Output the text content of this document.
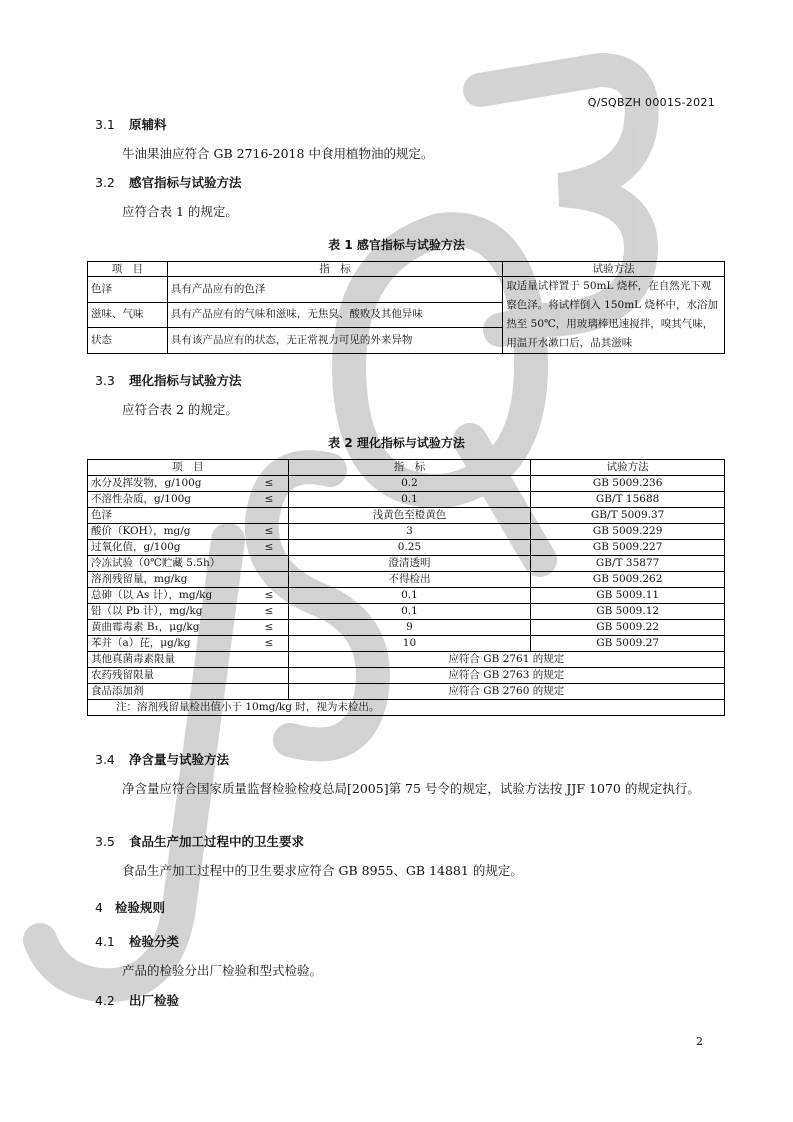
Q/SQBZH 0001S-2021
3.1 原辅料
牛油果油应符合 GB 2716-2018 中食用植物油的规定。
3.2 感官指标与试验方法
应符合表 1 的规定。
表 1 感官指标与试验方法
项　目	指　标	试验方法
色泽	具有产品应有的色泽	取适量试样置于 50mL 烧杯，在自然光下观察色泽。将试样倒入 150mL 烧杯中，水浴加热至 50℃，用玻璃棒迅速搅拌，嗅其气味，用温开水漱口后，品其滋味
滋味、气味	具有产品应有的气味和滋味，无焦臭、酸败及其他异味	
状态	具有该产品应有的状态，无正常视力可见的外来异物	
3.3 理化指标与试验方法
应符合表 2 的规定。
表 2 理化指标与试验方法
项　目		指　标	试验方法
水分及挥发物，g/100g	≤	0.2	GB 5009.236
不溶性杂质，g/100g	≤	0.1	GB/T 15688
色泽		浅黄色至橙黄色	GB/T 5009.37
酸价（KOH），mg/g	≤	3	GB 5009.229
过氧化值，g/100g	≤	0.25	GB 5009.227
冷冻试验（0℃贮藏 5.5h）		澄清透明	GB/T 35877
溶剂残留量，mg/kg		不得检出	GB 5009.262
总砷（以 As 计），mg/kg	≤	0.1	GB 5009.11
铅（以 Pb 计），mg/kg	≤	0.1	GB 5009.12
黄曲霉毒素 B₁，μg/kg	≤	9	GB 5009.22
苯并（a）芘，μg/kg	≤	10	GB 5009.27
其他真菌毒素限量		应符合 GB 2761 的规定	
农药残留限量		应符合 GB 2763 的规定	
食品添加剂		应符合 GB 2760 的规定	
注：溶剂残留量检出值小于 10mg/kg 时，视为未检出。			
3.4 净含量与试验方法
净含量应符合国家质量监督检验检疫总局[2005]第 75 号令的规定，试验方法按 JJF 1070 的规定执行。
3.5 食品生产加工过程中的卫生要求
食品生产加工过程中的卫生要求应符合 GB 8955、GB 14881 的规定。
4 检验规则
4.1 检验分类
产品的检验分出厂检验和型式检验。
4.2 出厂检验
2
